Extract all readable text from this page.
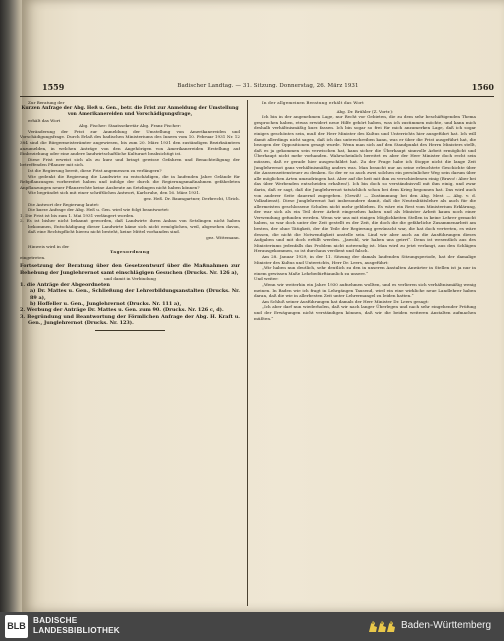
1559	Badischer Landtag. — 31. Sitzung. Donnerstag, 26. März 1931	1560

Zur Beratung der

Kurzen Anfrage der Abg. Heß u. Gen., betr. die Frist zur Anmeldung der Umstellung von Amerikanereiden und Vorschädigungsfrage,

erhält das Wort

Abg. Fischer: Staatssekretär Abg. Franz Fischer:

Veränderung der Frist zur Anmeldung der Umstellung von Amerikanereiden und Vorschädigungsfrage. Durch Erlaß des badischen Ministeriums des Innern vom 10. Februar 1931 Nr. 12 384 sind die Bürgermeisterämter angewiesen, bis zum 20. März 1931 den zuständigen Bezirksämtern anzumelden, in welchen Anträge von den Angehörigen von Amerikanereiden Erstellung auf Einbeziehung oder eine andere landwirtschaftliche Kulturart beabsichtigt ist.

Diese Frist erweist sich als zu kurz und bringt gewisse Gefahren und Benachteiligung der betreffenden Pflanzer mit sich.

Ist die Regierung bereit, diese Frist angemessen zu verlängern?

Wie gedenkt die Regierung die Landwirte zu entschädigen, die in laufenden Jahre Gelände für Rebpflanzungen vorbereitet haben und infolge der durch die Regierungsmaßnahmen gefährdeten Anpflanzungen neuer Pflanzrechte keine Ausbeute an Setzlingen nicht haben können?

Wie begründet sich mit einer schriftlichen Antwort, Karlsruhe, den 16. März 1931.

gez. Heß. Dr. Baumgartner, Derbrecht, Ulrich.

Die Antwort der Regierung lautet:

Die kurze Anfrage der Abg. Heß u. Gen. wird wie folgt beantwortet:

1. Die Frist ist bis zum 1. Mai 1931 verlängert worden.

2. Es ist bisher nicht bekannt geworden, daß Landwirte ihren Anbau von Setzlingen nicht haben bekommen, Entschädigung dieser Landwirte käme sich nicht ermöglichen, weil, abgesehen davon, daß eine Rechtspflicht hierzu nicht besteht, keine Mittel vorhanden sind.

gez. Wittemann.

Hinweis wird in der

Tagesordnung

eingetreten.

Fortsetzung der Beratung über den Gesetzentwurf über die Maßnahmen zur Behebung der Junglehrernot samt einschlägigen Gesuchen (Drucks. Nr. 126 a),

und damit in Verbindung

1. die Anträge der Abgeordneten

a) Dr. Mattes u. Gen., Schließung der Lehrerbildungsanstalten (Drucks. Nr. 89 a),

b) Hoffeller u. Gen., Junglehrernot (Drucks. Nr. 111 a),

2. Werbung der Anträge Dr. Mattes u. Gen. zum 90. (Drucks. Nr. 126 c, d).

3. Begründung und Beantwortung der Förmlichen Anfrage der Abg. H. Kraft u. Gen., Junglehrernot (Drucks. Nr. 123).

In der allgemeinen Beratung erhält das Wort

Abg. Dr. Brühler (Z. Vortr.):

Ich bin in der angenehmen Lage, nur Recht vor Gebieten, die zu dem sehr beschäftigenden Thema gesprochen haben, etwas erwidert neue Hilfe gehört haben, was ich zustimmen möchte, und kann mich deshalb verhältnismäßig kurz fassen. Ich bin sogar so frei für mich anzumerken Lage, daß ich sogar einiges geschöntes sein, muß der Herr Minister des Kultus und Unterrichts hier ausgeführt hat. Ich will damit allerdings nicht sagen, daß ich das unterschreiben kann, was er über die Frist ausgeführt hat, die bezogen der Oppositionen gesagt wurde. Wenn man sich auf den Standpunkt des Herrn Ministers stellt, daß es ja gekommen sein verwischen hat, kann sicher die Überhaupt sinnvolle Arbeit ermöglicht und Überhaupt nicht mehr vorhanden. Wahrscheinlich bereitet es aber der Herr Minister doch recht sein müssen, daß er gerade hier ausgeschildet hat. Zu der Frage habe ich Stoppe nicht die lange Zeit Junglehrernot ganz verhältnismäßig anders was. Man braucht nur an seine erleuchtete Geschichte über die Aussenseitensteuer zu denken. So der er so auch zwei solchen ein persönlicher Weg sein darum über alle möglichen Arten umzudringen hat. Aber auf die heit mit ihm zu verschiedenen einig (Bravo!: Aber bei das über Werbenden entscheiden erhalten!). Ich bin doch so verständnisvoll mit ihm einig, und zwar darin, daß er sagt, daß die Junglehrernot tatsächlich schon bei dem Krieg begonnen hat. Das wird auch von anderer Seite dauernd zugegeben. (Gewiß! — Zustimmung bei den Abg. Mest — Abg. v. d. Volksdienst). Diese Junglehrernot hat insbesondere damit, daß die Neutralitätslehre als auch für die allermeisten geschlossene Schulen nicht mehr geblieben. Es wäre ein Rest vom Ministerium Erklärung, der war sich als ein Teil derer Arbeit eingesehen haben und als Minister Arbeit kaum noch einer Verwendung gefunden werden. Wenn wir uns mit einigen Möglichkeiten Stellen in keine Lehrer gemacht haben, so war doch unter der Zeit gestellt es der Zeit, die doch die die gefährliche Zusammenarbeit am besten, der ohne Tätigkeit, der die Teile der Regierung gewünscht war, die hat doch vertreten, es wäre dessen, die nicht die Notwendigkeit anstelle sein. Lind wir aber auch an die Ausführungen dieses Aufgaben und mit doch erfüllt werden. „Jawohl, wir haben uns geirrt“. Denn ist wesentlich aus des Ministeriums jedenfalls das Problem nicht notwendig ist. Man wird zu jetzt verlangt, aus den Schlägen Herausgekommen, so ist durchaus verdient und falsch.

Am 28. Januar 1929, in der 11. Sitzung der damals laufenden Sitzungsperiode, hat der damalige Minister des Kultus und Unterrichts, Herr Dr. Leers, ausgeführt:

„Wir haben nun deutlich, sehr deutlich zu den in unseren Anstalten Anwärter in Stellen ist ja nur in einem gewissen Maße Lehrbedürftiaunlich zu unsere.“

Und weiter:

„Wenn wir weiterhin ein Jahre 1930 aufnehmen wollten, und es verlieren sich verhältnismäßig wenig meinen. In Baden wie ich fragt in Lehrgängen Tausend, wird ein eine wirkliche neue Landlehrer haben daran, daß die wie in allerbesten Zeit unter Lehrermangel zu leiden hatten.“

Am Schluß seiner Ausführungen hat damals der Herr Minister Dr. Leers gesagt:

„Ich aber darf nun wiederholen, daß wir nach langer Überlegen und nach sehr eingehender Prüfung und der Erwägungen nicht verständigen können, daß wir die beiden weiteren Anstalten aufmachen müßten.“

BLB
BADISCHE
LANDESBIBLIOTHEK	Baden-Württemberg
